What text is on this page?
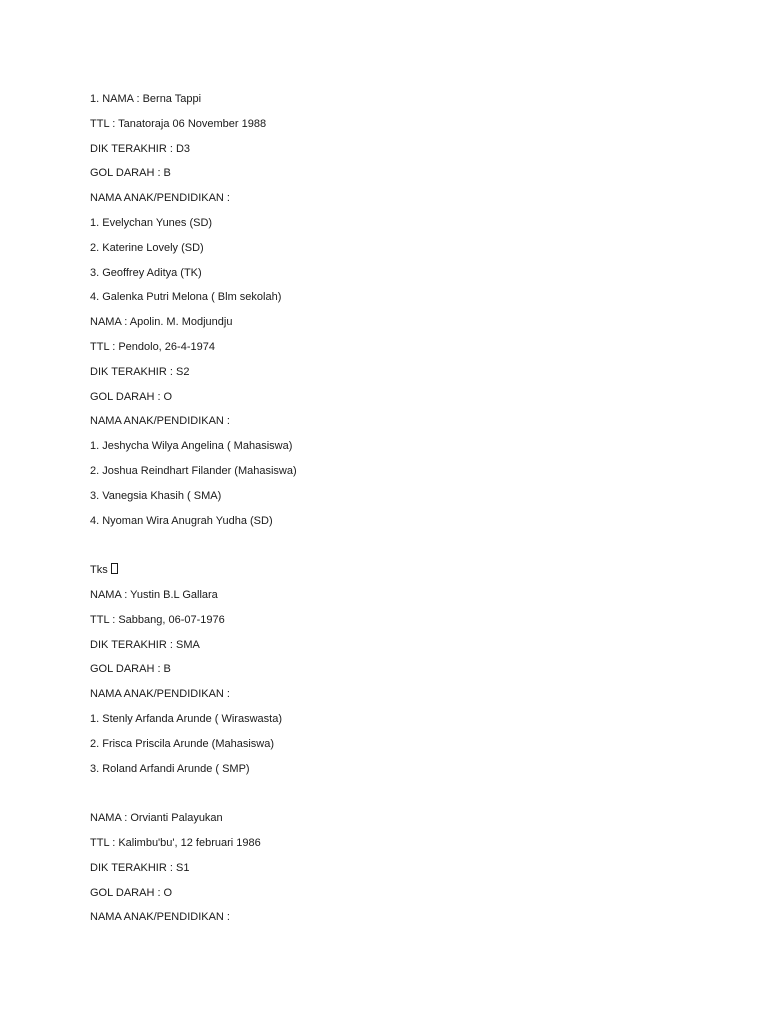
1. NAMA : Berna Tappi
TTL : Tanatoraja 06 November 1988
DIK TERAKHIR : D3
GOL DARAH : B
NAMA ANAK/PENDIDIKAN :
1. Evelychan Yunes (SD)
2. Katerine Lovely (SD)
3. Geoffrey Aditya (TK)
4. Galenka Putri Melona ( Blm sekolah)
NAMA : Apolin. M. Modjundju
TTL : Pendolo, 26-4-1974
DIK TERAKHIR : S2
GOL DARAH : O
NAMA ANAK/PENDIDIKAN :
1. Jeshycha Wilya Angelina ( Mahasiswa)
2. Joshua Reindhart Filander (Mahasiswa)
3. Vanegsia Khasih ( SMA)
4. Nyoman Wira Anugrah Yudha (SD)
Tks
NAMA : Yustin B.L Gallara
TTL : Sabbang, 06-07-1976
DIK TERAKHIR : SMA
GOL DARAH : B
NAMA ANAK/PENDIDIKAN :
1. Stenly Arfanda Arunde ( Wiraswasta)
2. Frisca Priscila Arunde (Mahasiswa)
3. Roland Arfandi Arunde ( SMP)
NAMA : Orvianti Palayukan
TTL : Kalimbu'bu', 12 februari 1986
DIK TERAKHIR : S1
GOL DARAH : O
NAMA ANAK/PENDIDIKAN :
